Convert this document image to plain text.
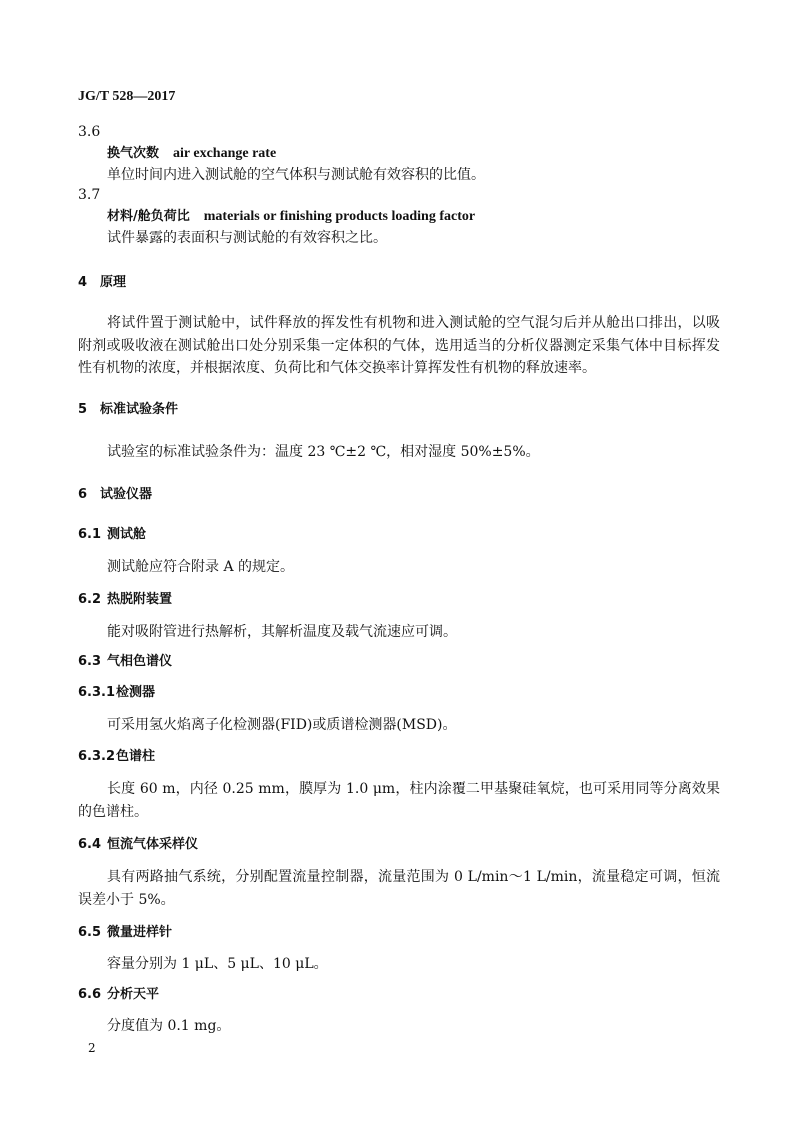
JG/T 528—2017
3.6
换气次数 air exchange rate
单位时间内进入测试舱的空气体积与测试舱有效容积的比值。
3.7
材料/舱负荷比 materials or finishing products loading factor
试件暴露的表面积与测试舱的有效容积之比。
4 原理
将试件置于测试舱中，试件释放的挥发性有机物和进入测试舱的空气混匀后并从舱出口排出，以吸附剂或吸收液在测试舱出口处分别采集一定体积的气体，选用适当的分析仪器测定采集气体中目标挥发性有机物的浓度，并根据浓度、负荷比和气体交换率计算挥发性有机物的释放速率。
5 标准试验条件
试验室的标准试验条件为：温度 23 ℃±2 ℃，相对湿度 50%±5%。
6 试验仪器
6.1 测试舱
测试舱应符合附录 A 的规定。
6.2 热脱附装置
能对吸附管进行热解析，其解析温度及载气流速应可调。
6.3 气相色谱仪
6.3.1检测器
可采用氢火焰离子化检测器(FID)或质谱检测器(MSD)。
6.3.2色谱柱
长度 60 m，内径 0.25 mm，膜厚为 1.0 μm，柱内涂覆二甲基聚硅氧烷，也可采用同等分离效果的色谱柱。
6.4 恒流气体采样仪
具有两路抽气系统，分别配置流量控制器，流量范围为 0 L/min～1 L/min，流量稳定可调，恒流误差小于 5%。
6.5 微量进样针
容量分别为 1 μL、5 μL、10 μL。
6.6 分析天平
分度值为 0.1 mg。
2
